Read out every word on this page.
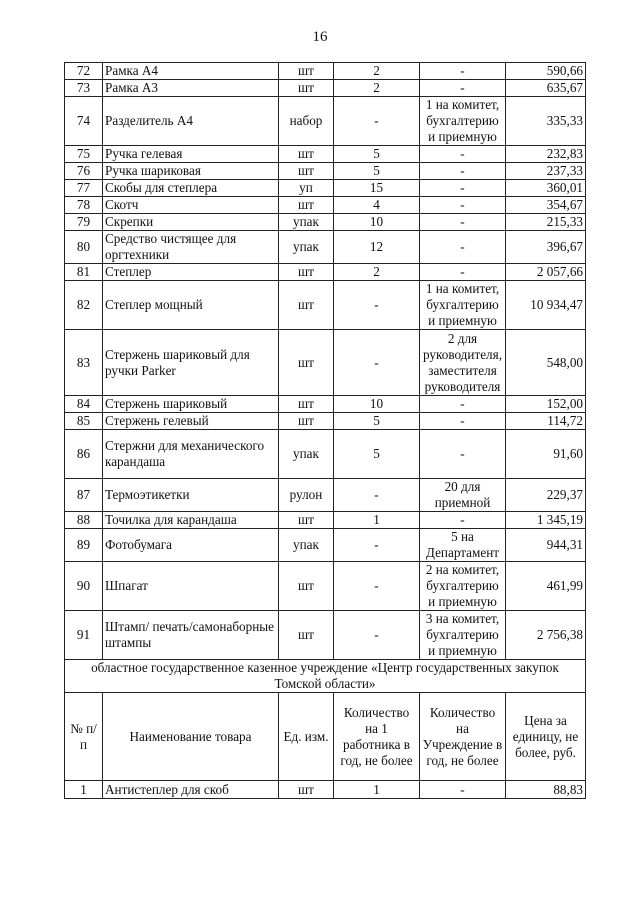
16
72	Рамка А4	шт	2	-	590,66
73	Рамка А3	шт	2	-	635,67
74	Разделитель А4	набор	-	1 на комитет, бухгалтерию и приемную	335,33
75	Ручка гелевая	шт	5	-	232,83
76	Ручка шариковая	шт	5	-	237,33
77	Скобы для степлера	уп	15	-	360,01
78	Скотч	шт	4	-	354,67
79	Скрепки	упак	10	-	215,33
80	Средство чистящее для оргтехники	упак	12	-	396,67
81	Степлер	шт	2	-	2 057,66
82	Степлер мощный	шт	-	1 на комитет, бухгалтерию и приемную	10 934,47
83	Стержень шариковый для ручки Parker	шт	-	2 для руководителя, заместителя руководителя	548,00
84	Стержень шариковый	шт	10	-	152,00
85	Стержень гелевый	шт	5	-	114,72
86	Стержни для механического карандаша	упак	5	-	91,60
87	Термоэтикетки	рулон	-	20 для приемной	229,37
88	Точилка для карандаша	шт	1	-	1 345,19
89	Фотобумага	упак	-	5 на Департамент	944,31
90	Шпагат	шт	-	2 на комитет, бухгалтерию и приемную	461,99
91	Штамп/ печать/самонаборные штампы	шт	-	3 на комитет, бухгалтерию и приемную	2 756,38
областное государственное казенное учреждение «Центр государственных закупок Томской области»					
№ п/п	Наименование товара	Ед. изм.	Количество на 1 работника в год, не более	Количество на Учреждение в год, не более	Цена за единицу, не более, руб.
1	Антистеплер для скоб	шт	1	-	88,83
